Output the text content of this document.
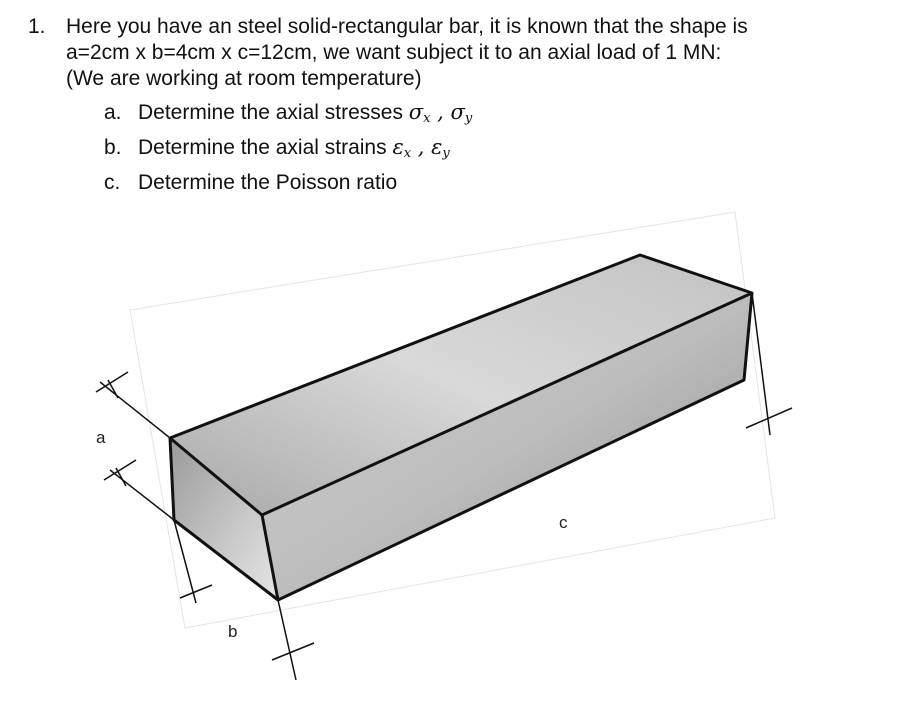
1. Here you have an steel solid-rectangular bar, it is known that the shape is
a=2cm x b=4cm x c=12cm, we want subject it to an axial load of 1 MN:
(We are working at room temperature)
a. Determine the axial stresses $\sigma_x$ , $\sigma_y$
b. Determine the axial strains $\varepsilon_x$ , $\varepsilon_y$
c. Determine the Poisson ratio
a
b
c
